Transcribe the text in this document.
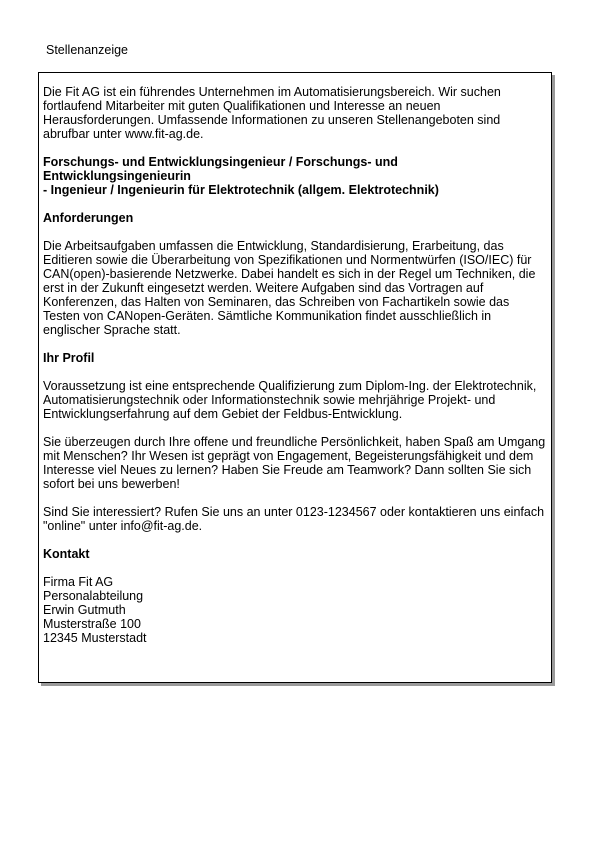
Stellenanzeige

Die Fit AG ist ein führendes Unternehmen im Automatisierungsbereich. Wir suchen
fortlaufend Mitarbeiter mit guten Qualifikationen und Interesse an neuen
Herausforderungen. Umfassende Informationen zu unseren Stellenangeboten sind
abrufbar unter www.fit-ag.de.

Forschungs- und Entwicklungsingenieur / Forschungs- und
Entwicklungsingenieurin
- Ingenieur / Ingenieurin für Elektrotechnik (allgem. Elektrotechnik)

Anforderungen

Die Arbeitsaufgaben umfassen die Entwicklung, Standardisierung, Erarbeitung, das
Editieren sowie die Überarbeitung von Spezifikationen und Normentwürfen (ISO/IEC) für
CAN(open)-basierende Netzwerke. Dabei handelt es sich in der Regel um Techniken, die
erst in der Zukunft eingesetzt werden. Weitere Aufgaben sind das Vortragen auf
Konferenzen, das Halten von Seminaren, das Schreiben von Fachartikeln sowie das
Testen von CANopen-Geräten. Sämtliche Kommunikation findet ausschließlich in
englischer Sprache statt.

Ihr Profil

Voraussetzung ist eine entsprechende Qualifizierung zum Diplom-Ing. der Elektrotechnik,
Automatisierungstechnik oder Informationstechnik sowie mehrjährige Projekt- und
Entwicklungserfahrung auf dem Gebiet der Feldbus-Entwicklung.

Sie überzeugen durch Ihre offene und freundliche Persönlichkeit, haben Spaß am Umgang
mit Menschen? Ihr Wesen ist geprägt von Engagement, Begeisterungsfähigkeit und dem
Interesse viel Neues zu lernen? Haben Sie Freude am Teamwork? Dann sollten Sie sich
sofort bei uns bewerben!

Sind Sie interessiert? Rufen Sie uns an unter 0123-1234567 oder kontaktieren uns einfach
"online" unter info@fit-ag.de.

Kontakt

Firma Fit AG
Personalabteilung
Erwin Gutmuth
Musterstraße 100
12345 Musterstadt
